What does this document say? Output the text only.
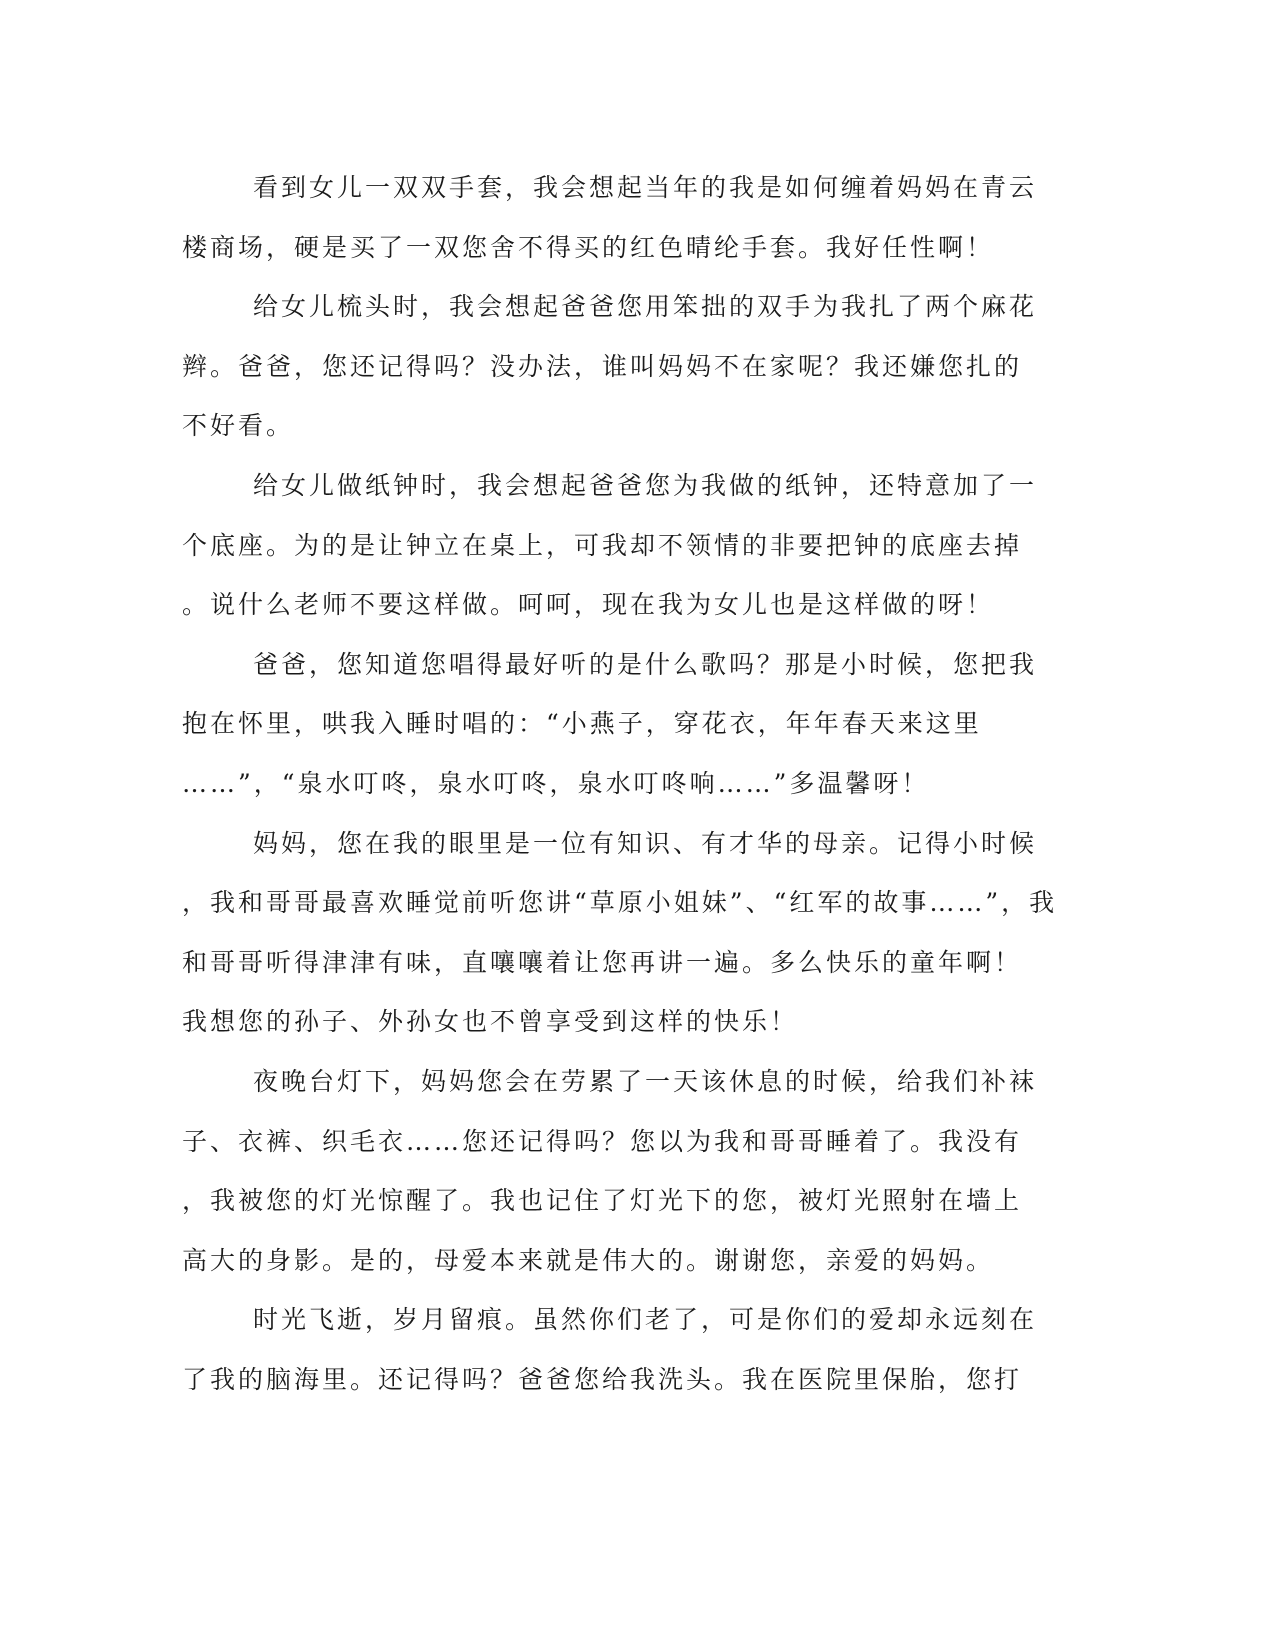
看到女儿一双双手套，我会想起当年的我是如何缠着妈妈在青云
楼商场，硬是买了一双您舍不得买的红色晴纶手套。我好任性啊！
给女儿梳头时，我会想起爸爸您用笨拙的双手为我扎了两个麻花
辫。爸爸，您还记得吗？没办法，谁叫妈妈不在家呢？我还嫌您扎的
不好看。
给女儿做纸钟时，我会想起爸爸您为我做的纸钟，还特意加了一
个底座。为的是让钟立在桌上，可我却不领情的非要把钟的底座去掉
。说什么老师不要这样做。呵呵，现在我为女儿也是这样做的呀！
爸爸，您知道您唱得最好听的是什么歌吗？那是小时候，您把我
抱在怀里，哄我入睡时唱的：“小燕子，穿花衣，年年春天来这里
……”，“泉水叮咚，泉水叮咚，泉水叮咚响……”多温馨呀！
妈妈，您在我的眼里是一位有知识、有才华的母亲。记得小时候
，我和哥哥最喜欢睡觉前听您讲“草原小姐妹”、“红军的故事……”，我
和哥哥听得津津有味，直嚷嚷着让您再讲一遍。多么快乐的童年啊！
我想您的孙子、外孙女也不曾享受到这样的快乐！
夜晚台灯下，妈妈您会在劳累了一天该休息的时候，给我们补袜
子、衣裤、织毛衣……您还记得吗？您以为我和哥哥睡着了。我没有
，我被您的灯光惊醒了。我也记住了灯光下的您，被灯光照射在墙上
高大的身影。是的，母爱本来就是伟大的。谢谢您，亲爱的妈妈。
时光飞逝，岁月留痕。虽然你们老了，可是你们的爱却永远刻在
了我的脑海里。还记得吗？爸爸您给我洗头。我在医院里保胎，您打
